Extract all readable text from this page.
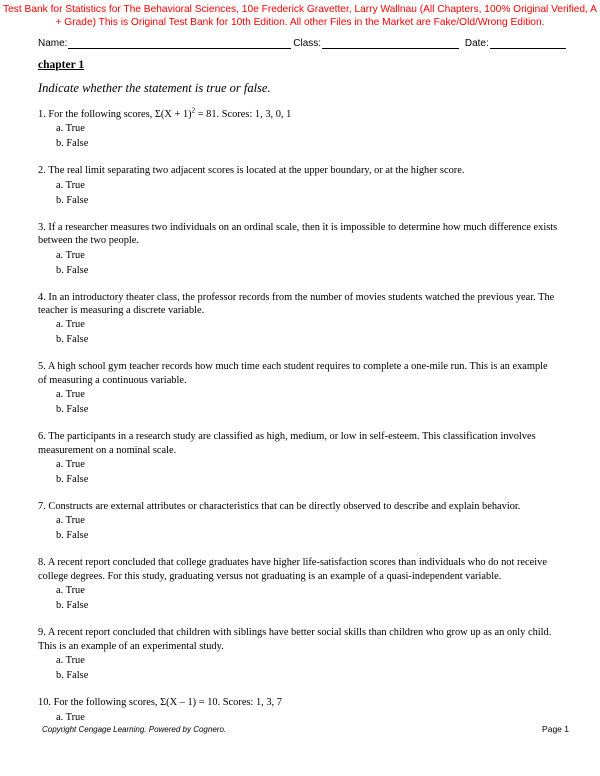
Test Bank for Statistics for The Behavioral Sciences, 10e Frederick Gravetter, Larry Wallnau (All Chapters, 100% Original Verified, A
+ Grade) This is Original Test Bank for 10th Edition. All other Files in the Market are Fake/Old/Wrong Edition.
Name:	Class:	Date:
chapter 1
Indicate whether the statement is true or false.
1. For the following scores, $\Sigma(X + 1)^2 = 81$. Scores: 1, 3, 0, 1
a. True
b. False
2. The real limit separating two adjacent scores is located at the upper boundary, or at the higher score.
a. True
b. False
3. If a researcher measures two individuals on an ordinal scale, then it is impossible to determine how much difference exists between the two people.
a. True
b. False
4. In an introductory theater class, the professor records from the number of movies students watched the previous year. The teacher is measuring a discrete variable.
a. True
b. False
5. A high school gym teacher records how much time each student requires to complete a one-mile run. This is an example of measuring a continuous variable.
a. True
b. False
6. The participants in a research study are classified as high, medium, or low in self-esteem. This classification involves measurement on a nominal scale.
a. True
b. False
7. Constructs are external attributes or characteristics that can be directly observed to describe and explain behavior.
a. True
b. False
8. A recent report concluded that college graduates have higher life-satisfaction scores than individuals who do not receive college degrees. For this study, graduating versus not graduating is an example of a quasi-independent variable.
a. True
b. False
9. A recent report concluded that children with siblings have better social skills than children who grow up as an only child. This is an example of an experimental study.
a. True
b. False
10. For the following scores, Σ(X – 1) = 10. Scores: 1, 3, 7
a. True
Copyright Cengage Learning. Powered by Cognero.	Page 1
